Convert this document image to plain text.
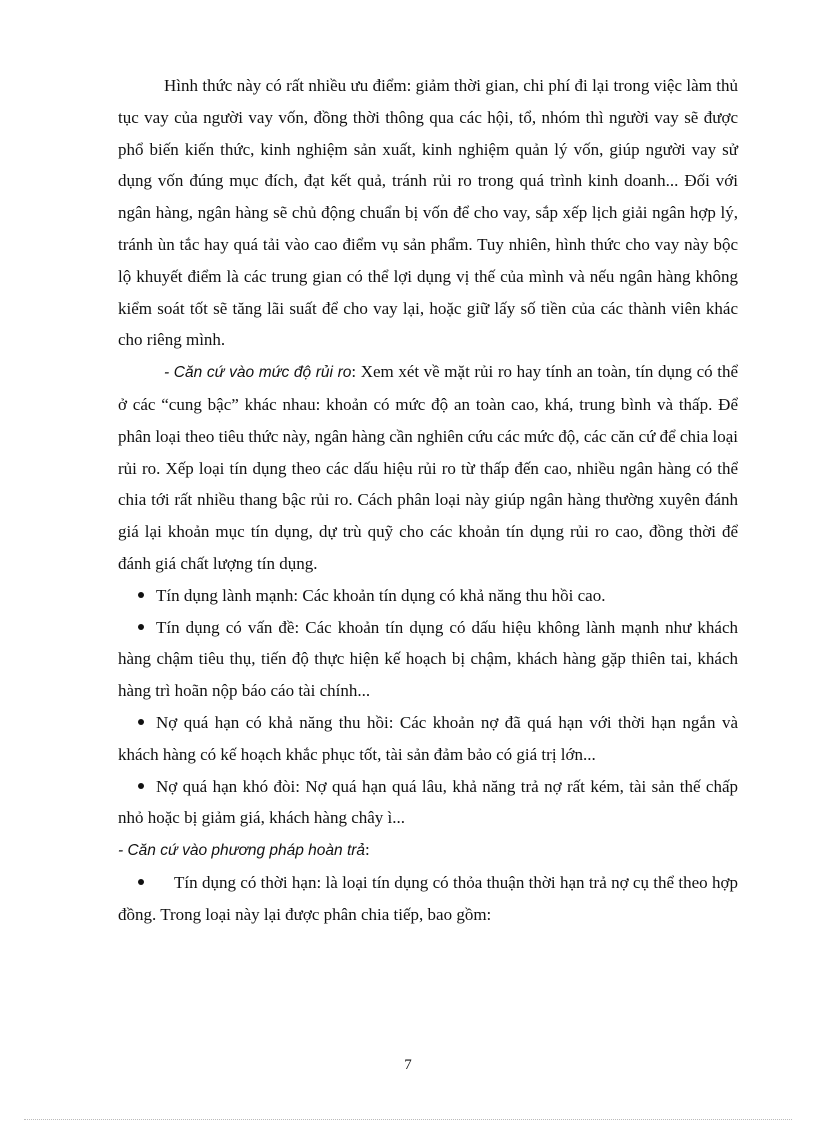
Hình thức này có rất nhiều ưu điểm: giảm thời gian, chi phí đi lại trong việc làm thủ tục vay của người vay vốn, đồng thời thông qua các hội, tổ, nhóm thì người vay sẽ được phổ biến kiến thức, kinh nghiệm sản xuất, kinh nghiệm quản lý vốn, giúp người vay sử dụng vốn đúng mục đích, đạt kết quả, tránh rủi ro trong quá trình kinh doanh... Đối với ngân hàng, ngân hàng sẽ chủ động chuẩn bị vốn để cho vay, sắp xếp lịch giải ngân hợp lý, tránh ùn tắc hay quá tải vào cao điểm vụ sản phẩm. Tuy nhiên, hình thức cho vay này bộc lộ khuyết điểm là các trung gian có thể lợi dụng vị thế của mình và nếu ngân hàng không kiểm soát tốt sẽ tăng lãi suất để cho vay lại, hoặc giữ lấy số tiền của các thành viên khác cho riêng mình.

- Căn cứ vào mức độ rủi ro: Xem xét về mặt rủi ro hay tính an toàn, tín dụng có thể ở các “cung bậc” khác nhau: khoản có mức độ an toàn cao, khá, trung bình và thấp. Để phân loại theo tiêu thức này, ngân hàng cần nghiên cứu các mức độ, các căn cứ để chia loại rủi ro. Xếp loại tín dụng theo các dấu hiệu rủi ro từ thấp đến cao, nhiều ngân hàng có thể chia tới rất nhiều thang bậc rủi ro. Cách phân loại này giúp ngân hàng thường xuyên đánh giá lại khoản mục tín dụng, dự trù quỹ cho các khoản tín dụng rủi ro cao, đồng thời để đánh giá chất lượng tín dụng.

Tín dụng lành mạnh: Các khoản tín dụng có khả năng thu hồi cao.

Tín dụng có vấn đề: Các khoản tín dụng có dấu hiệu không lành mạnh như khách hàng chậm tiêu thụ, tiến độ thực hiện kế hoạch bị chậm, khách hàng gặp thiên tai, khách hàng trì hoãn nộp báo cáo tài chính...

Nợ quá hạn có khả năng thu hồi: Các khoản nợ đã quá hạn với thời hạn ngắn và khách hàng có kế hoạch khắc phục tốt, tài sản đảm bảo có giá trị lớn...

Nợ quá hạn khó đòi: Nợ quá hạn quá lâu, khả năng trả nợ rất kém, tài sản thế chấp nhỏ hoặc bị giảm giá, khách hàng chây ì...

- Căn cứ vào phương pháp hoàn trả:

Tín dụng có thời hạn: là loại tín dụng có thỏa thuận thời hạn trả nợ cụ thể theo hợp đồng. Trong loại này lại được phân chia tiếp, bao gồm:

7
